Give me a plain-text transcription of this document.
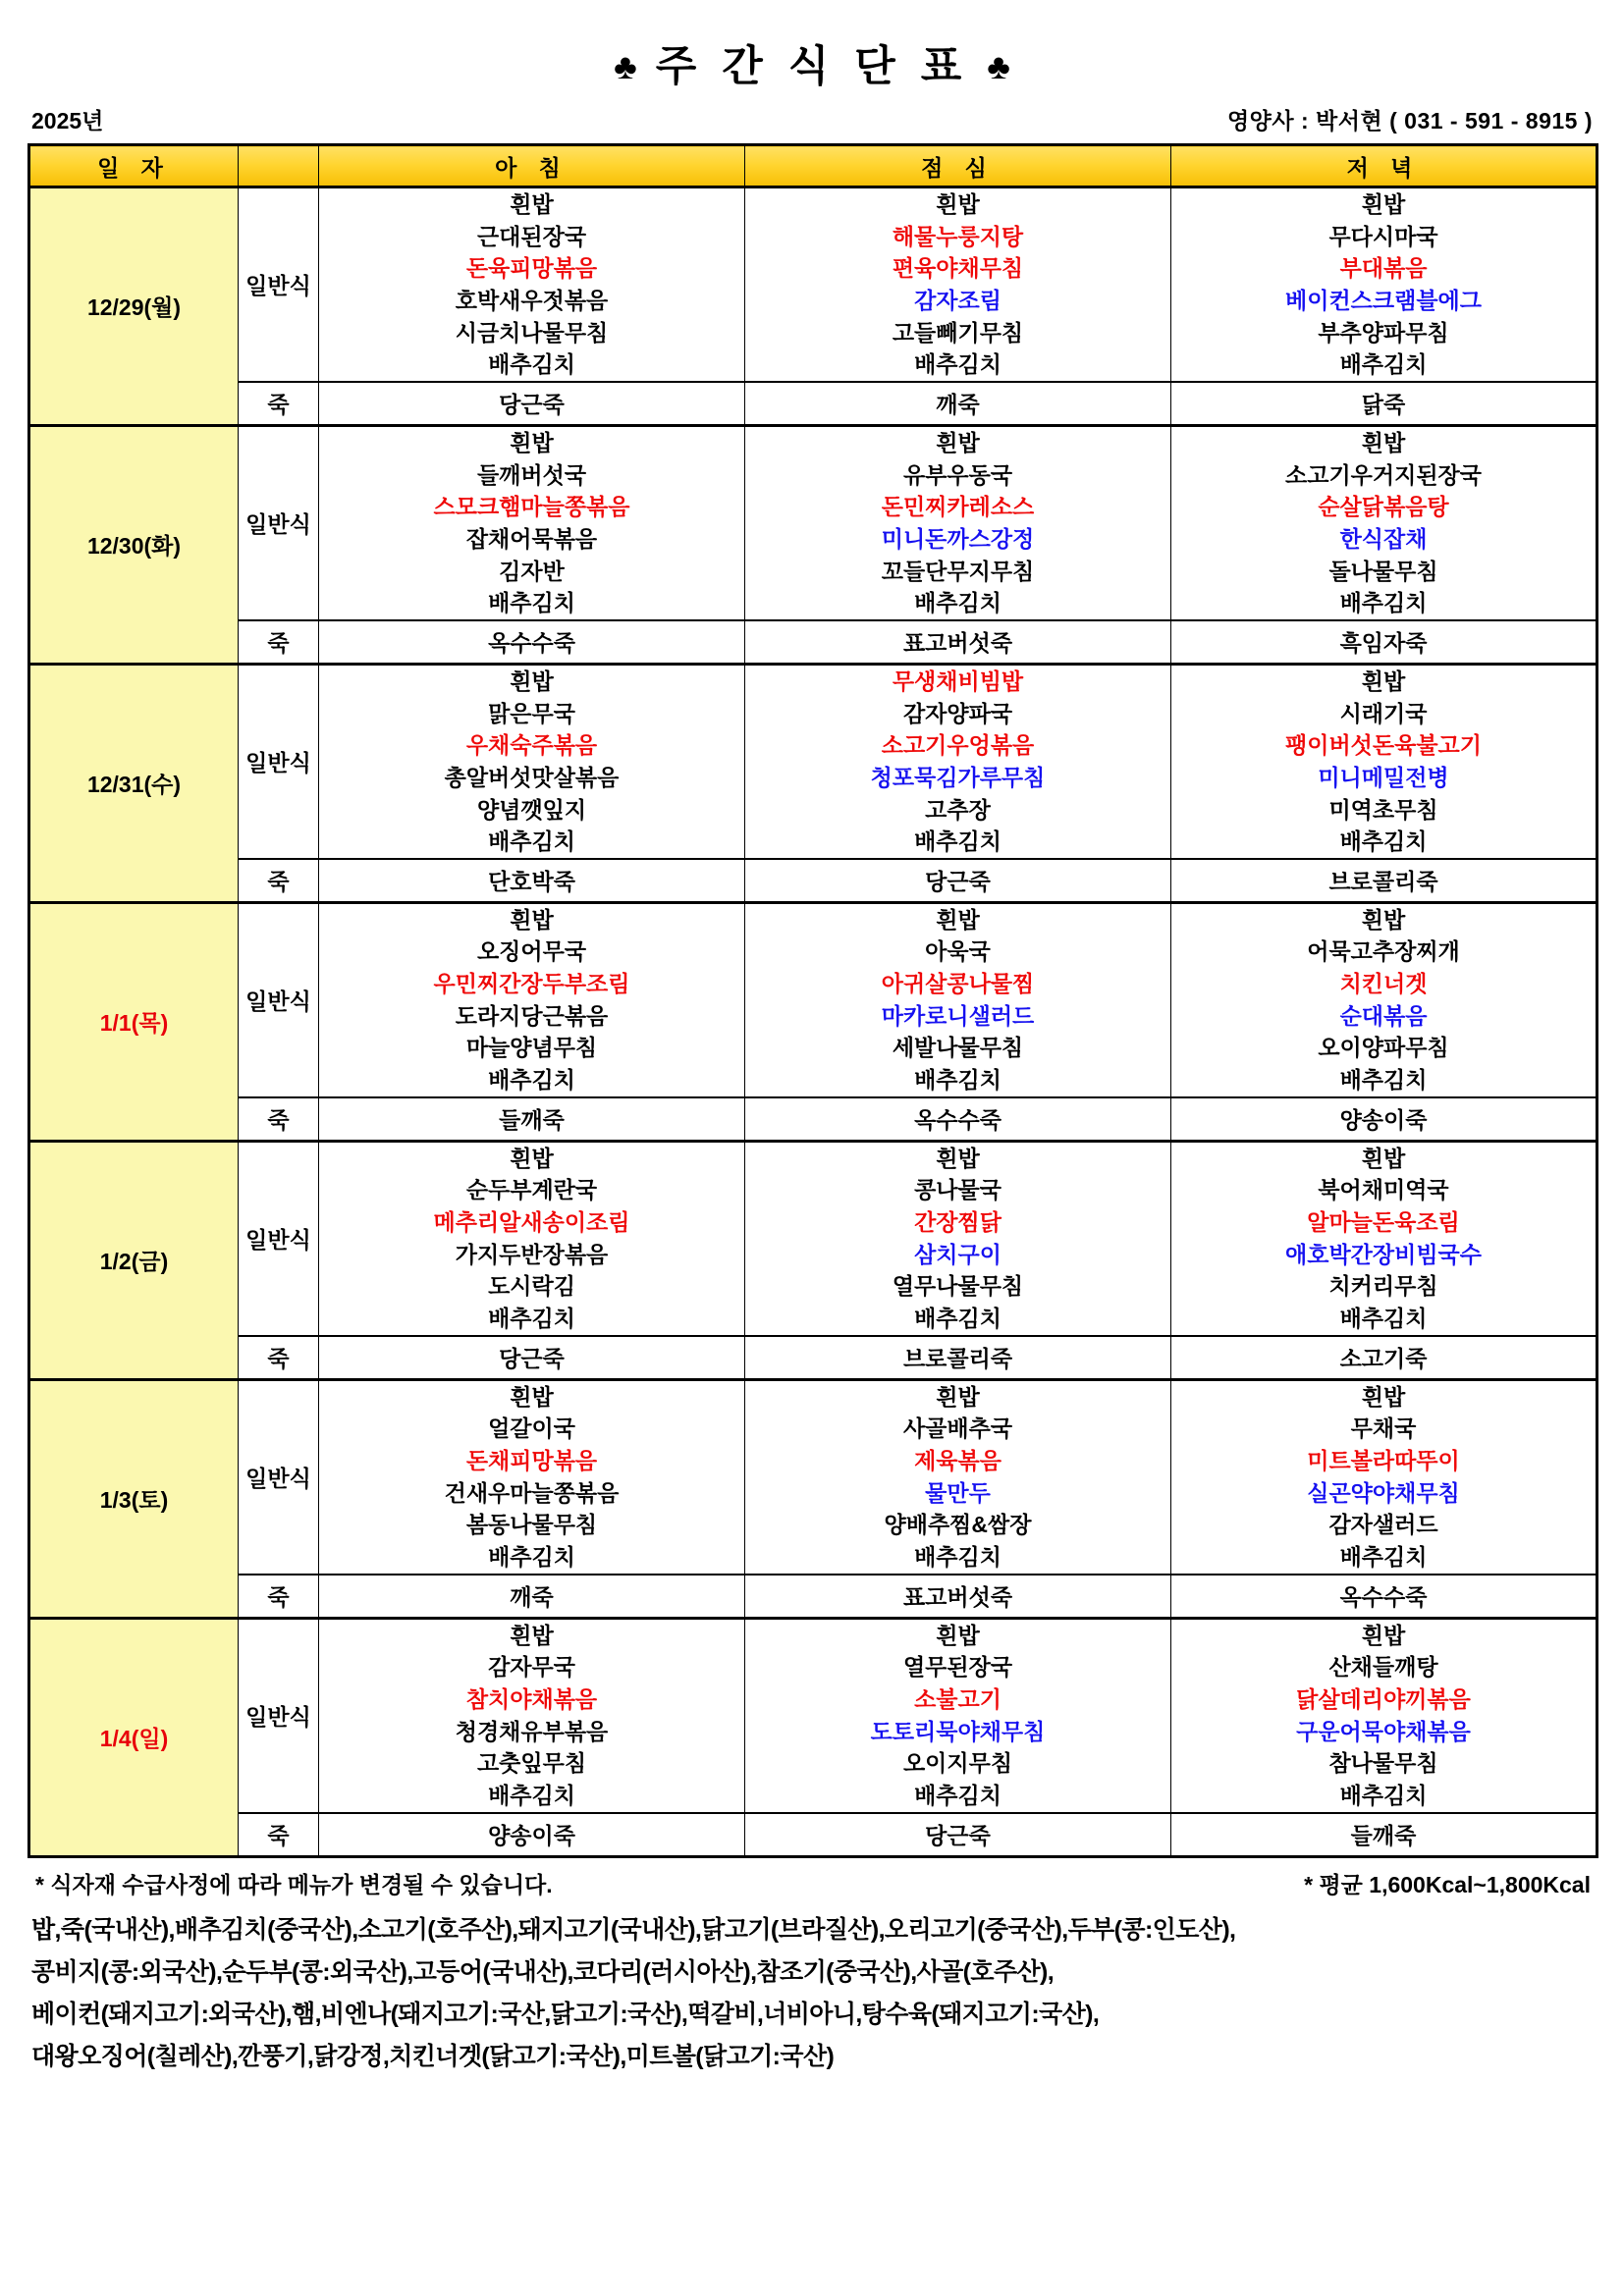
♣ 주 간 식 단 표 ♣
2025년	영양사 : 박서현 ( 031 - 591 - 8915 )
일 자		아 침	점 심	저 녁
12/29(월)	일반식	
흰밥
근대된장국
돈육피망볶음
호박새우젓볶음
시금치나물무침
배추김치

흰밥
해물누룽지탕
편육야채무침
감자조림
고들빼기무침
배추김치

흰밥
무다시마국
부대볶음
베이컨스크램블에그
부추양파무침
배추김치

	죽	당근죽	깨죽	닭죽
12/30(화)	일반식	
흰밥
들깨버섯국
스모크햄마늘쫑볶음
잡채어묵볶음
김자반
배추김치

흰밥
유부우동국
돈민찌카레소스
미니돈까스강정
꼬들단무지무침
배추김치

흰밥
소고기우거지된장국
순살닭볶음탕
한식잡채
돌나물무침
배추김치

	죽	옥수수죽	표고버섯죽	흑임자죽
12/31(수)	일반식	
흰밥
맑은무국
우채숙주볶음
총알버섯맛살볶음
양념깻잎지
배추김치

무생채비빔밥
감자양파국
소고기우엉볶음
청포묵김가루무침
고추장
배추김치

흰밥
시래기국
팽이버섯돈육불고기
미니메밀전병
미역초무침
배추김치

	죽	단호박죽	당근죽	브로콜리죽
1/1(목)	일반식	
흰밥
오징어무국
우민찌간장두부조림
도라지당근볶음
마늘양념무침
배추김치

흰밥
아욱국
아귀살콩나물찜
마카로니샐러드
세발나물무침
배추김치

흰밥
어묵고추장찌개
치킨너겟
순대볶음
오이양파무침
배추김치

	죽	들깨죽	옥수수죽	양송이죽
1/2(금)	일반식	
흰밥
순두부계란국
메추리알새송이조림
가지두반장볶음
도시락김
배추김치

흰밥
콩나물국
간장찜닭
삼치구이
열무나물무침
배추김치

흰밥
북어채미역국
알마늘돈육조림
애호박간장비빔국수
치커리무침
배추김치

	죽	당근죽	브로콜리죽	소고기죽
1/3(토)	일반식	
흰밥
얼갈이국
돈채피망볶음
건새우마늘쫑볶음
봄동나물무침
배추김치

흰밥
사골배추국
제육볶음
물만두
양배추찜&쌈장
배추김치

흰밥
무채국
미트볼라따뚜이
실곤약야채무침
감자샐러드
배추김치

	죽	깨죽	표고버섯죽	옥수수죽
1/4(일)	일반식	
흰밥
감자무국
참치야채볶음
청경채유부볶음
고춧잎무침
배추김치

흰밥
열무된장국
소불고기
도토리묵야채무침
오이지무침
배추김치

흰밥
산채들깨탕
닭살데리야끼볶음
구운어묵야채볶음
참나물무침
배추김치

	죽	양송이죽	당근죽	들깨죽
* 식자재 수급사정에 따라 메뉴가 변경될 수 있습니다.	* 평균 1,600Kcal~1,800Kcal
밥,죽(국내산),배추김치(중국산),소고기(호주산),돼지고기(국내산),닭고기(브라질산),오리고기(중국산),두부(콩:인도산),
콩비지(콩:외국산),순두부(콩:외국산),고등어(국내산),코다리(러시아산),참조기(중국산),사골(호주산),
베이컨(돼지고기:외국산),햄,비엔나(돼지고기:국산,닭고기:국산),떡갈비,너비아니,탕수육(돼지고기:국산),
대왕오징어(칠레산),깐풍기,닭강정,치킨너겟(닭고기:국산),미트볼(닭고기:국산)
